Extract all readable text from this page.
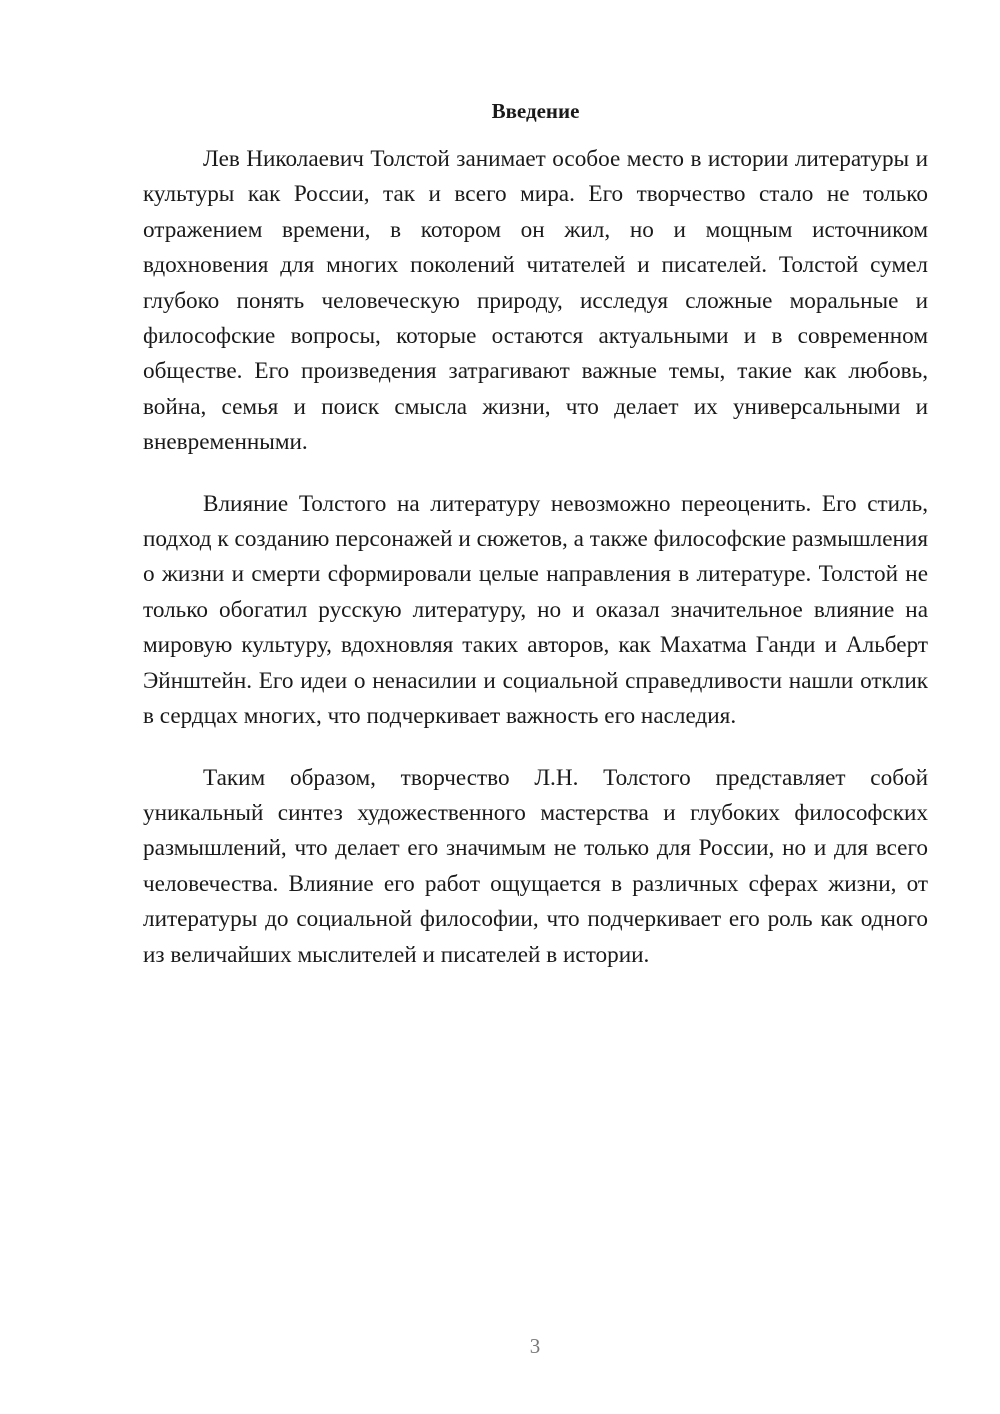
Введение

Лев Николаевич Толстой занимает особое место в истории литературы и культуры как России, так и всего мира. Его творчество стало не только отражением времени, в котором он жил, но и мощным источником вдохновения для многих поколений читателей и писателей. Толстой сумел глубоко понять человеческую природу, исследуя сложные моральные и философские вопросы, которые остаются актуальными и в современном обществе. Его произведения затрагивают важные темы, такие как любовь, война, семья и поиск смысла жизни, что делает их универсальными и вневременными.

Влияние Толстого на литературу невозможно переоценить. Его стиль, подход к созданию персонажей и сюжетов, а также философские размышления о жизни и смерти сформировали целые направления в литературе. Толстой не только обогатил русскую литературу, но и оказал значительное влияние на мировую культуру, вдохновляя таких авторов, как Махатма Ганди и Альберт Эйнштейн. Его идеи о ненасилии и социальной справедливости нашли отклик в сердцах многих, что подчеркивает важность его наследия.

Таким образом, творчество Л.Н. Толстого представляет собой уникальный синтез художественного мастерства и глубоких философских размышлений, что делает его значимым не только для России, но и для всего человечества. Влияние его работ ощущается в различных сферах жизни, от литературы до социальной философии, что подчеркивает его роль как одного из величайших мыслителей и писателей в истории.

3
